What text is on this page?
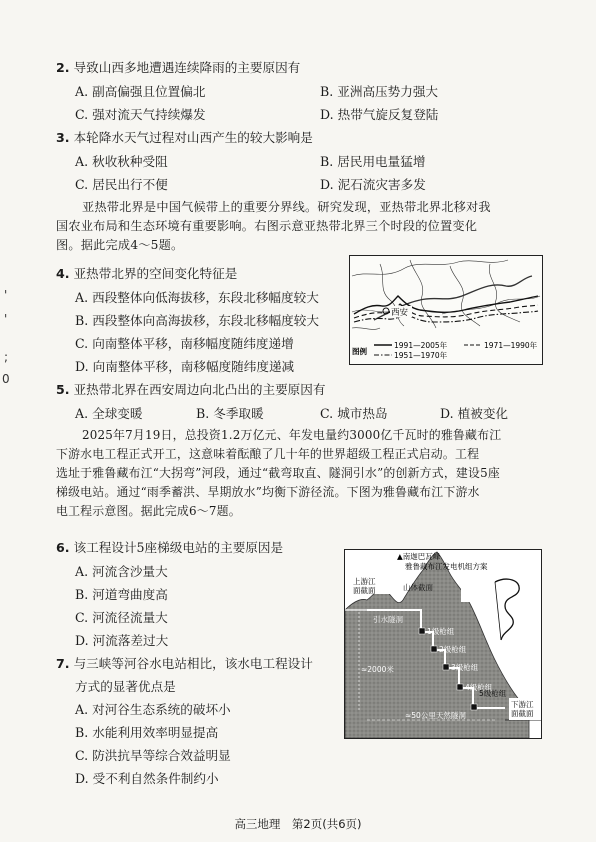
'
'
;
0
2. 导致山西多地遭遇连续降雨的主要原因有
A. 副高偏强且位置偏北	B. 亚洲高压势力强大
C. 强对流天气持续爆发	D. 热带气旋反复登陆
3. 本轮降水天气过程对山西产生的较大影响是
A. 秋收秋种受阻	B. 居民用电量猛增
C. 居民出行不便	D. 泥石流灾害多发

亚热带北界是中国气候带上的重要分界线。研究发现，亚热带北界北移对我

国农业布局和生态环境有重要影响。右图示意亚热带北界三个时段的位置变化

图。据此完成4～5题。

4. 亚热带北界的空间变化特征是
A. 西段整体向低海拔移，东段北移幅度较大
B. 西段整体向高海拔移，东段北移幅度较大
C. 向南整体平移，南移幅度随纬度递增
D. 向南整体平移，南移幅度随纬度递减
西安
1991—2005年	1971—1990年
图例	1951—1970年
5. 亚热带北界在西安周边向北凸出的主要原因有
A. 全球变暖	B. 冬季取暖	C. 城市热岛	D. 植被变化

2025年7月19日，总投资1.2万亿元、年发电量约3000亿千瓦时的雅鲁藏布江

下游水电工程正式开工，这意味着酝酿了几十年的世界超级工程正式启动。工程

选址于雅鲁藏布江“大拐弯”河段，通过“截弯取直、隧洞引水”的创新方式，建设5座

梯级电站。通过“雨季蓄洪、旱期放水”均衡下游径流。下图为雅鲁藏布江下游水

电工程示意图。据此完成6～7题。

6. 该工程设计5座梯级电站的主要原因是
A. 河流含沙量大
B. 河道弯曲度高
C. 河流径流量大
D. 河流落差过大
7. 与三峡等河谷水电站相比，该水电工程设计
方式的显著优点是
A. 对河谷生态系统的破坏小
B. 水能利用效率明显提高
C. 防洪抗旱等综合效益明显
D. 受不利自然条件制约小
▲南迦巴瓦峰
雅鲁藏布江发电机组方案
上游江
面截面	山体截面
引水隧洞
1级枪组
2级枪组
3级枪组
4级枪组
5级枪组
≈2000米
≈50公里天然隧洞
下游江
面截面
高三地理　第2页(共6页)
